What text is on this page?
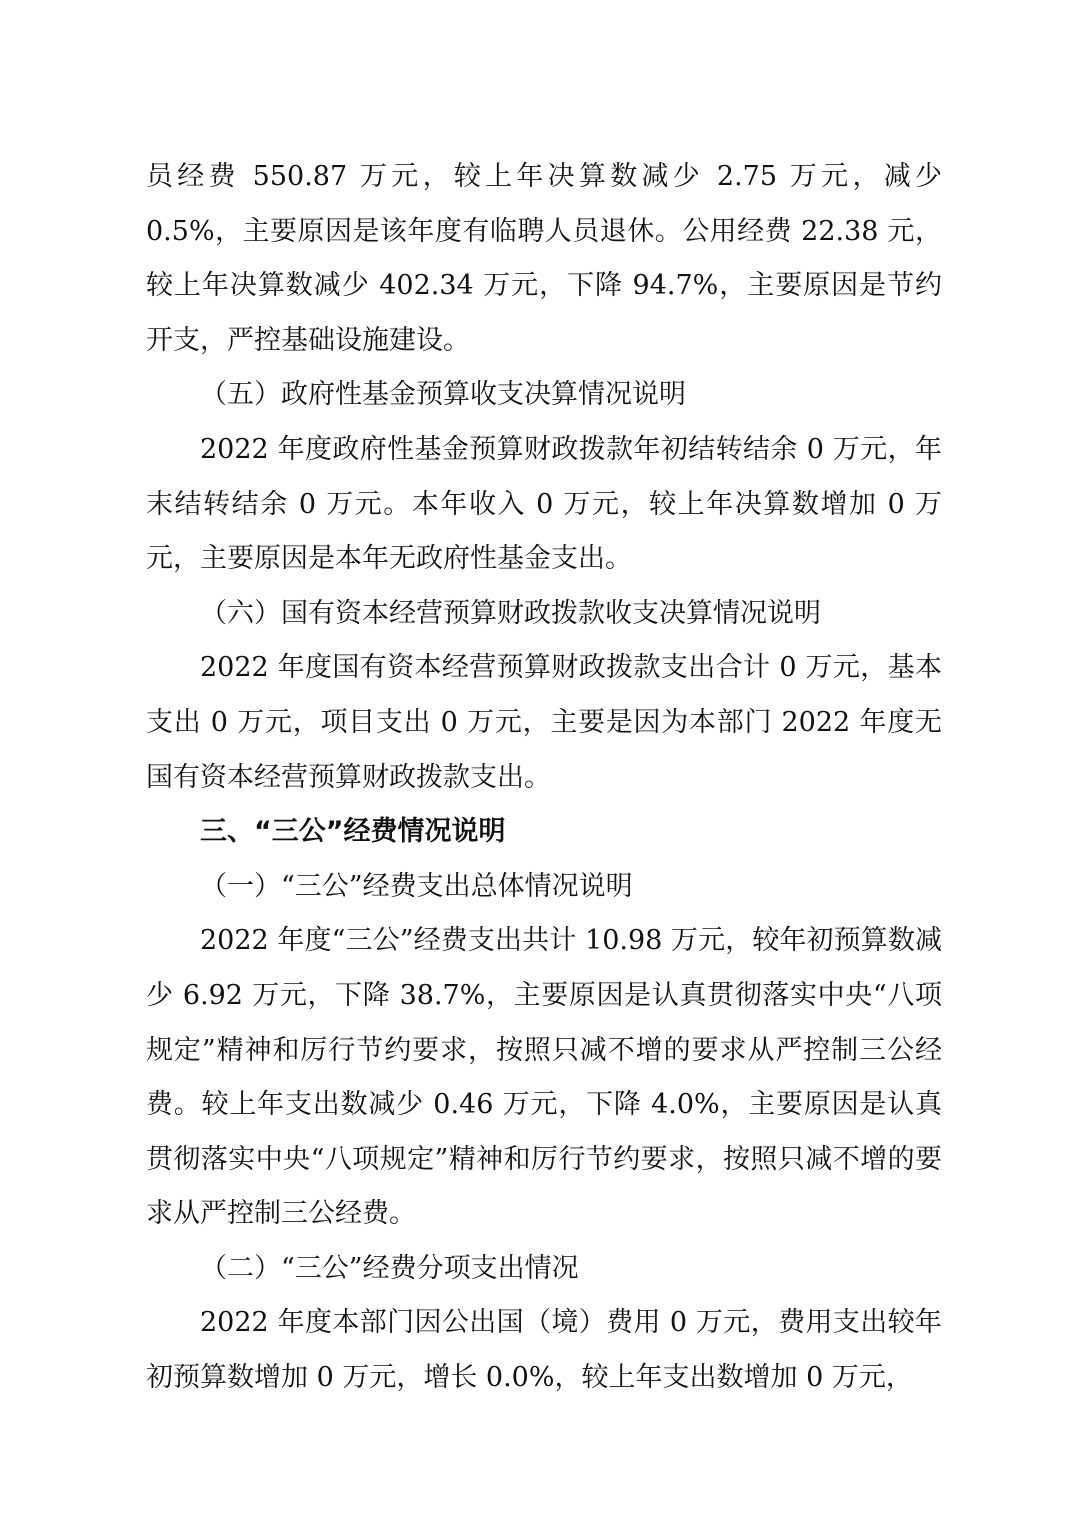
员经费 550.87 万元，较上年决算数减少 2.75 万元，减少 0.5%，主要原因是该年度有临聘人员退休。公用经费 22.38 元，较上年决算数减少 402.34 万元，下降 94.7%，主要原因是节约开支，严控基础设施建设。

（五）政府性基金预算收支决算情况说明

2022 年度政府性基金预算财政拨款年初结转结余 0 万元，年末结转结余 0 万元。本年收入 0 万元，较上年决算数增加 0 万元，主要原因是本年无政府性基金支出。

（六）国有资本经营预算财政拨款收支决算情况说明

2022 年度国有资本经营预算财政拨款支出合计 0 万元，基本支出 0 万元，项目支出 0 万元，主要是因为本部门 2022 年度无国有资本经营预算财政拨款支出。

三、“三公”经费情况说明

（一）“三公”经费支出总体情况说明

2022 年度“三公”经费支出共计 10.98 万元，较年初预算数减少 6.92 万元，下降 38.7%，主要原因是认真贯彻落实中央“八项规定”精神和厉行节约要求，按照只减不增的要求从严控制三公经费。较上年支出数减少 0.46 万元，下降 4.0%，主要原因是认真贯彻落实中央“八项规定”精神和厉行节约要求，按照只减不增的要求从严控制三公经费。

（二）“三公”经费分项支出情况

2022 年度本部门因公出国（境）费用 0 万元，费用支出较年初预算数增加 0 万元，增长 0.0%，较上年支出数增加 0 万元，
